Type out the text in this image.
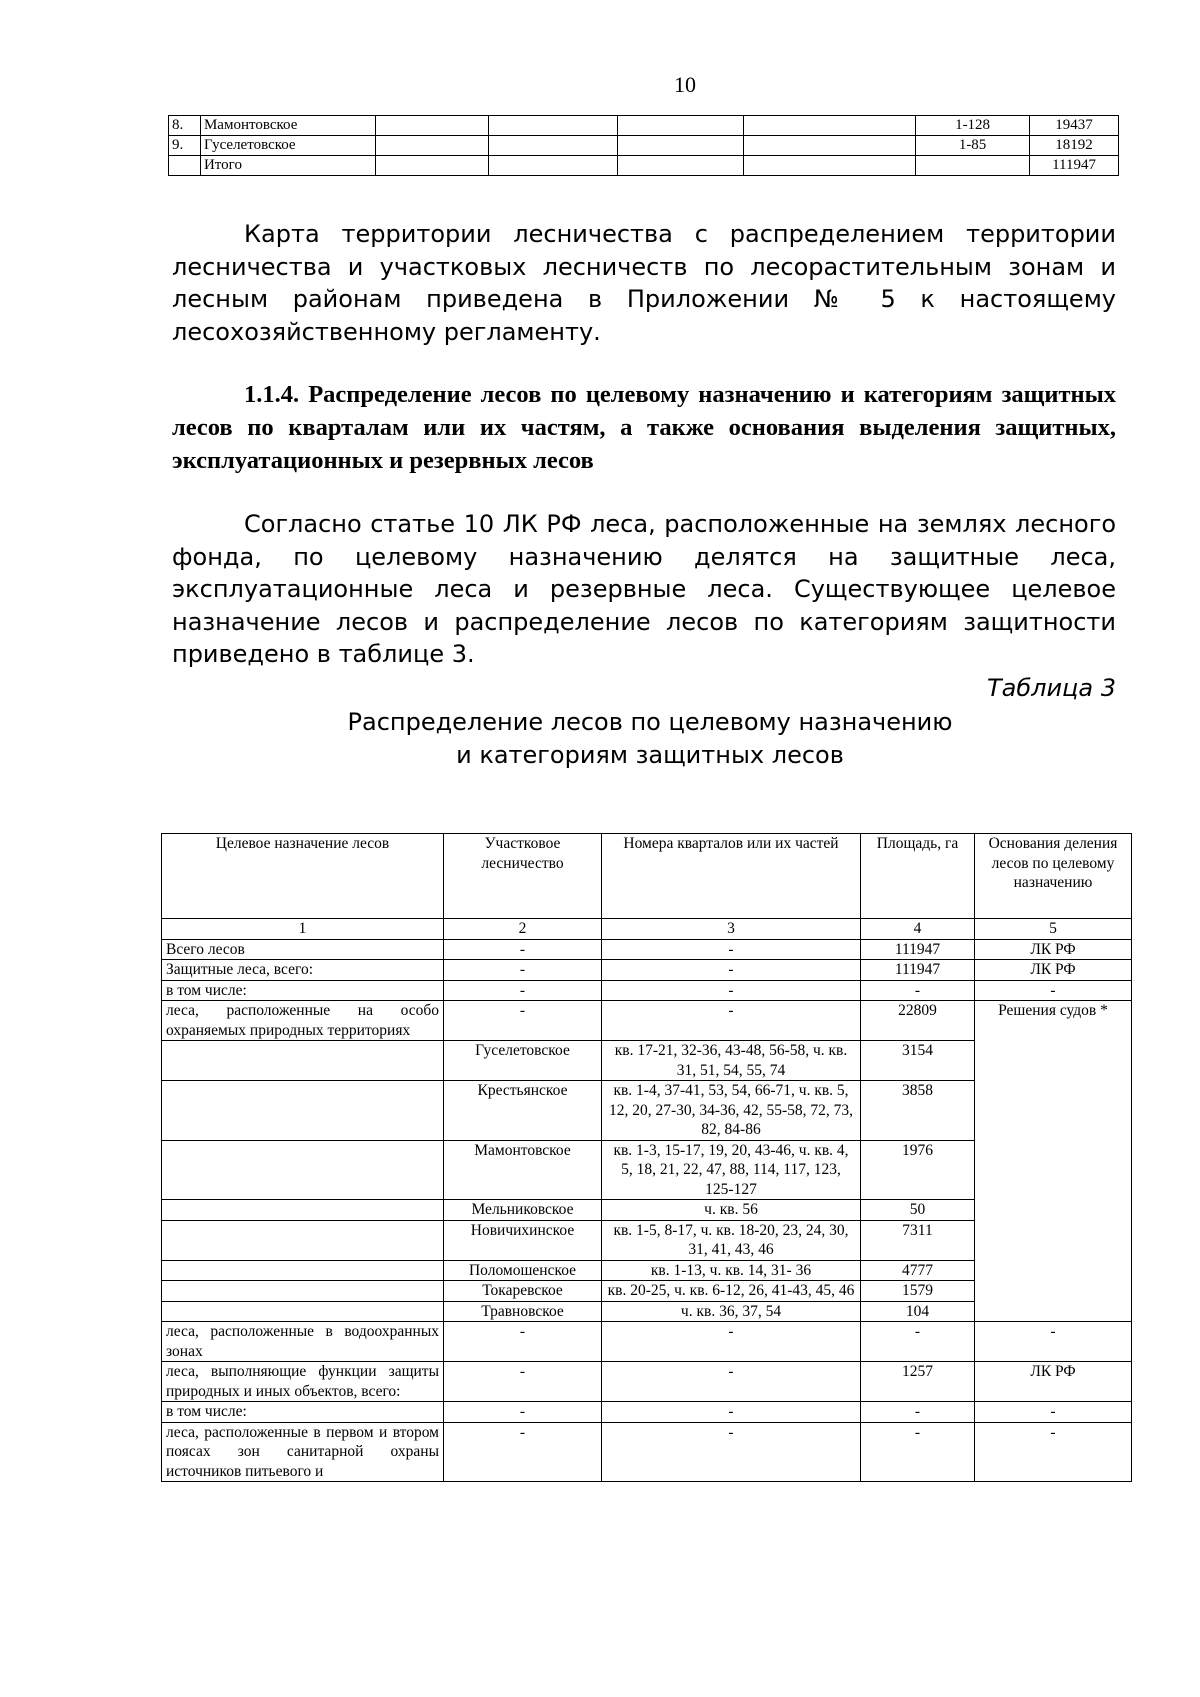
10
8.	Мамонтовское					1-128	19437
9.	Гуселетовское					1-85	18192
	Итого						111947

Карта территории лесничества с распределением территории лесничества и участковых лесничеств по лесорастительным зонам и лесным районам приведена в Приложении № 5 к настоящему лесохозяйственному регламенту.

1.1.4. Распределение лесов по целевому назначению и категориям защитных лесов по кварталам или их частям, а также основания выделения защитных, эксплуатационных и резервных лесов

Согласно статье 10 ЛК РФ леса, расположенные на землях лесного фонда, по целевому назначению делятся на защитные леса, эксплуатационные леса и резервные леса. Существующее целевое назначение лесов и распределение лесов по категориям защитности приведено в таблице 3.

Таблица 3
Распределение лесов по целевому назначению
и категориям защитных лесов
Целевое назначение лесов	Участковое лесничество	Номера кварталов или их частей	Площадь, га	Основания деления лесов по целевому назначению
1	2	3	4	5
Всего лесов	-	-	111947	ЛК РФ
Защитные леса, всего:	-	-	111947	ЛК РФ
в том числе:	-	-	-	-
леса, расположенные на особо охраняемых природных территориях	-	-	22809	Решения судов *
	Гуселетовское	кв. 17-21, 32-36, 43-48, 56-58, ч. кв. 31, 51, 54, 55, 74	3154	
	Крестьянское	кв. 1-4, 37-41, 53, 54, 66-71, ч. кв. 5, 12, 20, 27-30, 34-36, 42, 55-58, 72, 73, 82, 84-86	3858	
	Мамонтовское	кв. 1-3, 15-17, 19, 20, 43-46, ч. кв. 4, 5, 18, 21, 22, 47, 88, 114, 117, 123, 125-127	1976	
	Мельниковское	ч. кв. 56	50	
	Новичихинское	кв. 1-5, 8-17, ч. кв. 18-20, 23, 24, 30, 31, 41, 43, 46	7311	
	Поломошенское	кв. 1-13, ч. кв. 14, 31- 36	4777	
	Токаревское	кв. 20-25, ч. кв. 6-12, 26, 41-43, 45, 46	1579	
	Травновское	ч. кв. 36, 37, 54	104	
леса, расположенные в водоохранных зонах	-	-	-	-
леса, выполняющие функции защиты природных и иных объектов, всего:	-	-	1257	ЛК РФ
в том числе:	-	-	-	-
леса, расположенные в первом и втором поясах зон санитарной охраны источников питьевого и	-	-	-	-
